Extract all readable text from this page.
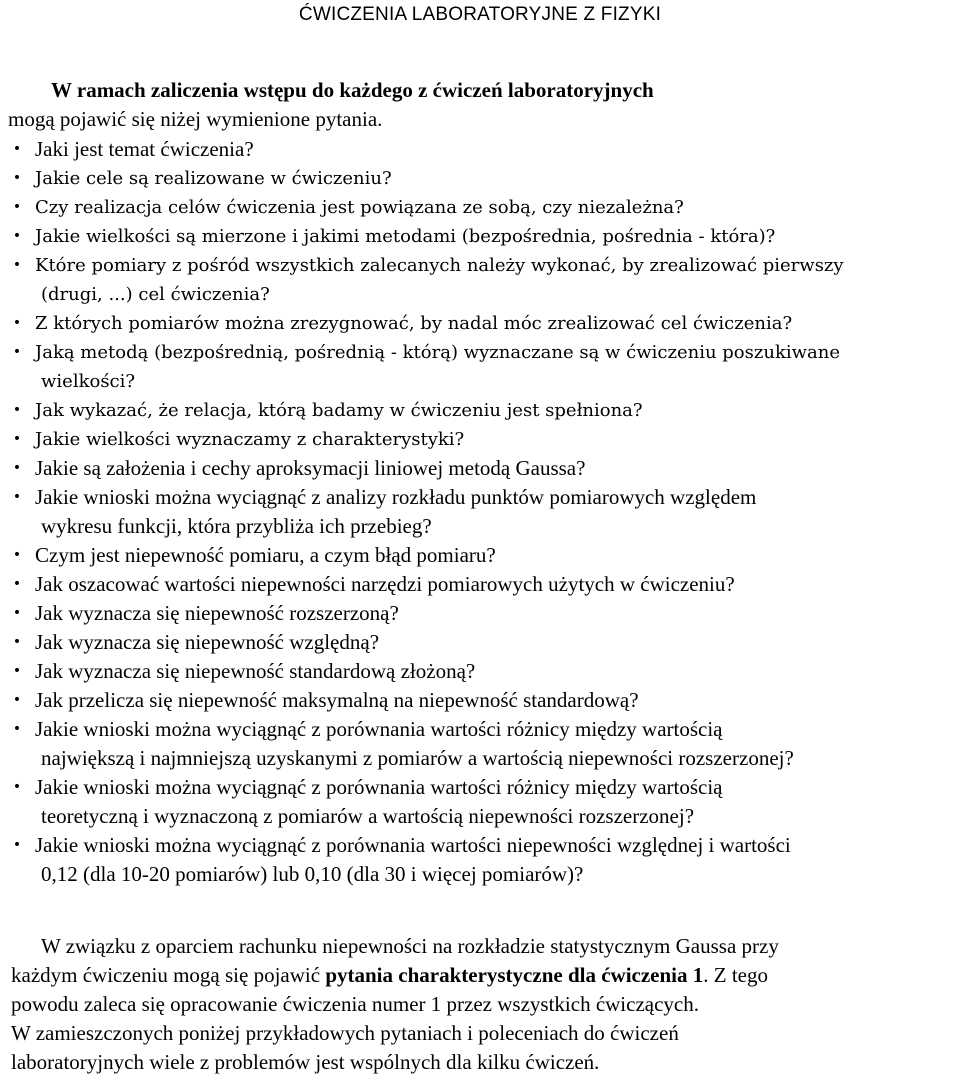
ĆWICZENIA LABORATORYJNE Z FIZYKI
W ramach zaliczenia wstępu do każdego z ćwiczeń laboratoryjnych
mogą pojawić się niżej wymienione pytania.
• Jaki jest temat ćwiczenia?
• Jakie cele są realizowane w ćwiczeniu?
• Czy realizacja celów ćwiczenia jest powiązana ze sobą, czy niezależna?
• Jakie wielkości są mierzone i jakimi metodami (bezpośrednia, pośrednia - która)?
• Które pomiary z pośród wszystkich zalecanych należy wykonać, by zrealizować pierwszy
(drugi, ...) cel ćwiczenia?
• Z których pomiarów można zrezygnować, by nadal móc zrealizować cel ćwiczenia?
• Jaką metodą (bezpośrednią, pośrednią - którą) wyznaczane są w ćwiczeniu poszukiwane
wielkości?
• Jak wykazać, że relacja, którą badamy w ćwiczeniu jest spełniona?
• Jakie wielkości wyznaczamy z charakterystyki?
• Jakie są założenia i cechy aproksymacji liniowej metodą Gaussa?
• Jakie wnioski można wyciągnąć z analizy rozkładu punktów pomiarowych względem
wykresu funkcji, która przybliża ich przebieg?
• Czym jest niepewność pomiaru, a czym błąd pomiaru?
• Jak oszacować wartości niepewności narzędzi pomiarowych użytych w ćwiczeniu?
• Jak wyznacza się niepewność rozszerzoną?
• Jak wyznacza się niepewność względną?
• Jak wyznacza się niepewność standardową złożoną?
• Jak przelicza się niepewność maksymalną na niepewność standardową?
• Jakie wnioski można wyciągnąć z porównania wartości różnicy między wartością
największą i najmniejszą uzyskanymi z pomiarów a wartością niepewności rozszerzonej?
• Jakie wnioski można wyciągnąć z porównania wartości różnicy między wartością
teoretyczną i wyznaczoną z pomiarów a wartością niepewności rozszerzonej?
• Jakie wnioski można wyciągnąć z porównania wartości niepewności względnej i wartości
0,12 (dla 10-20 pomiarów) lub 0,10 (dla 30 i więcej pomiarów)?

W związku z oparciem rachunku niepewności na rozkładzie statystycznym Gaussa przy

każdym ćwiczeniu mogą się pojawić pytania charakterystyczne dla ćwiczenia 1. Z tego

powodu zaleca się opracowanie ćwiczenia numer 1 przez wszystkich ćwiczących.

W zamieszczonych poniżej przykładowych pytaniach i poleceniach do ćwiczeń

laboratoryjnych wiele z problemów jest wspólnych dla kilku ćwiczeń.
